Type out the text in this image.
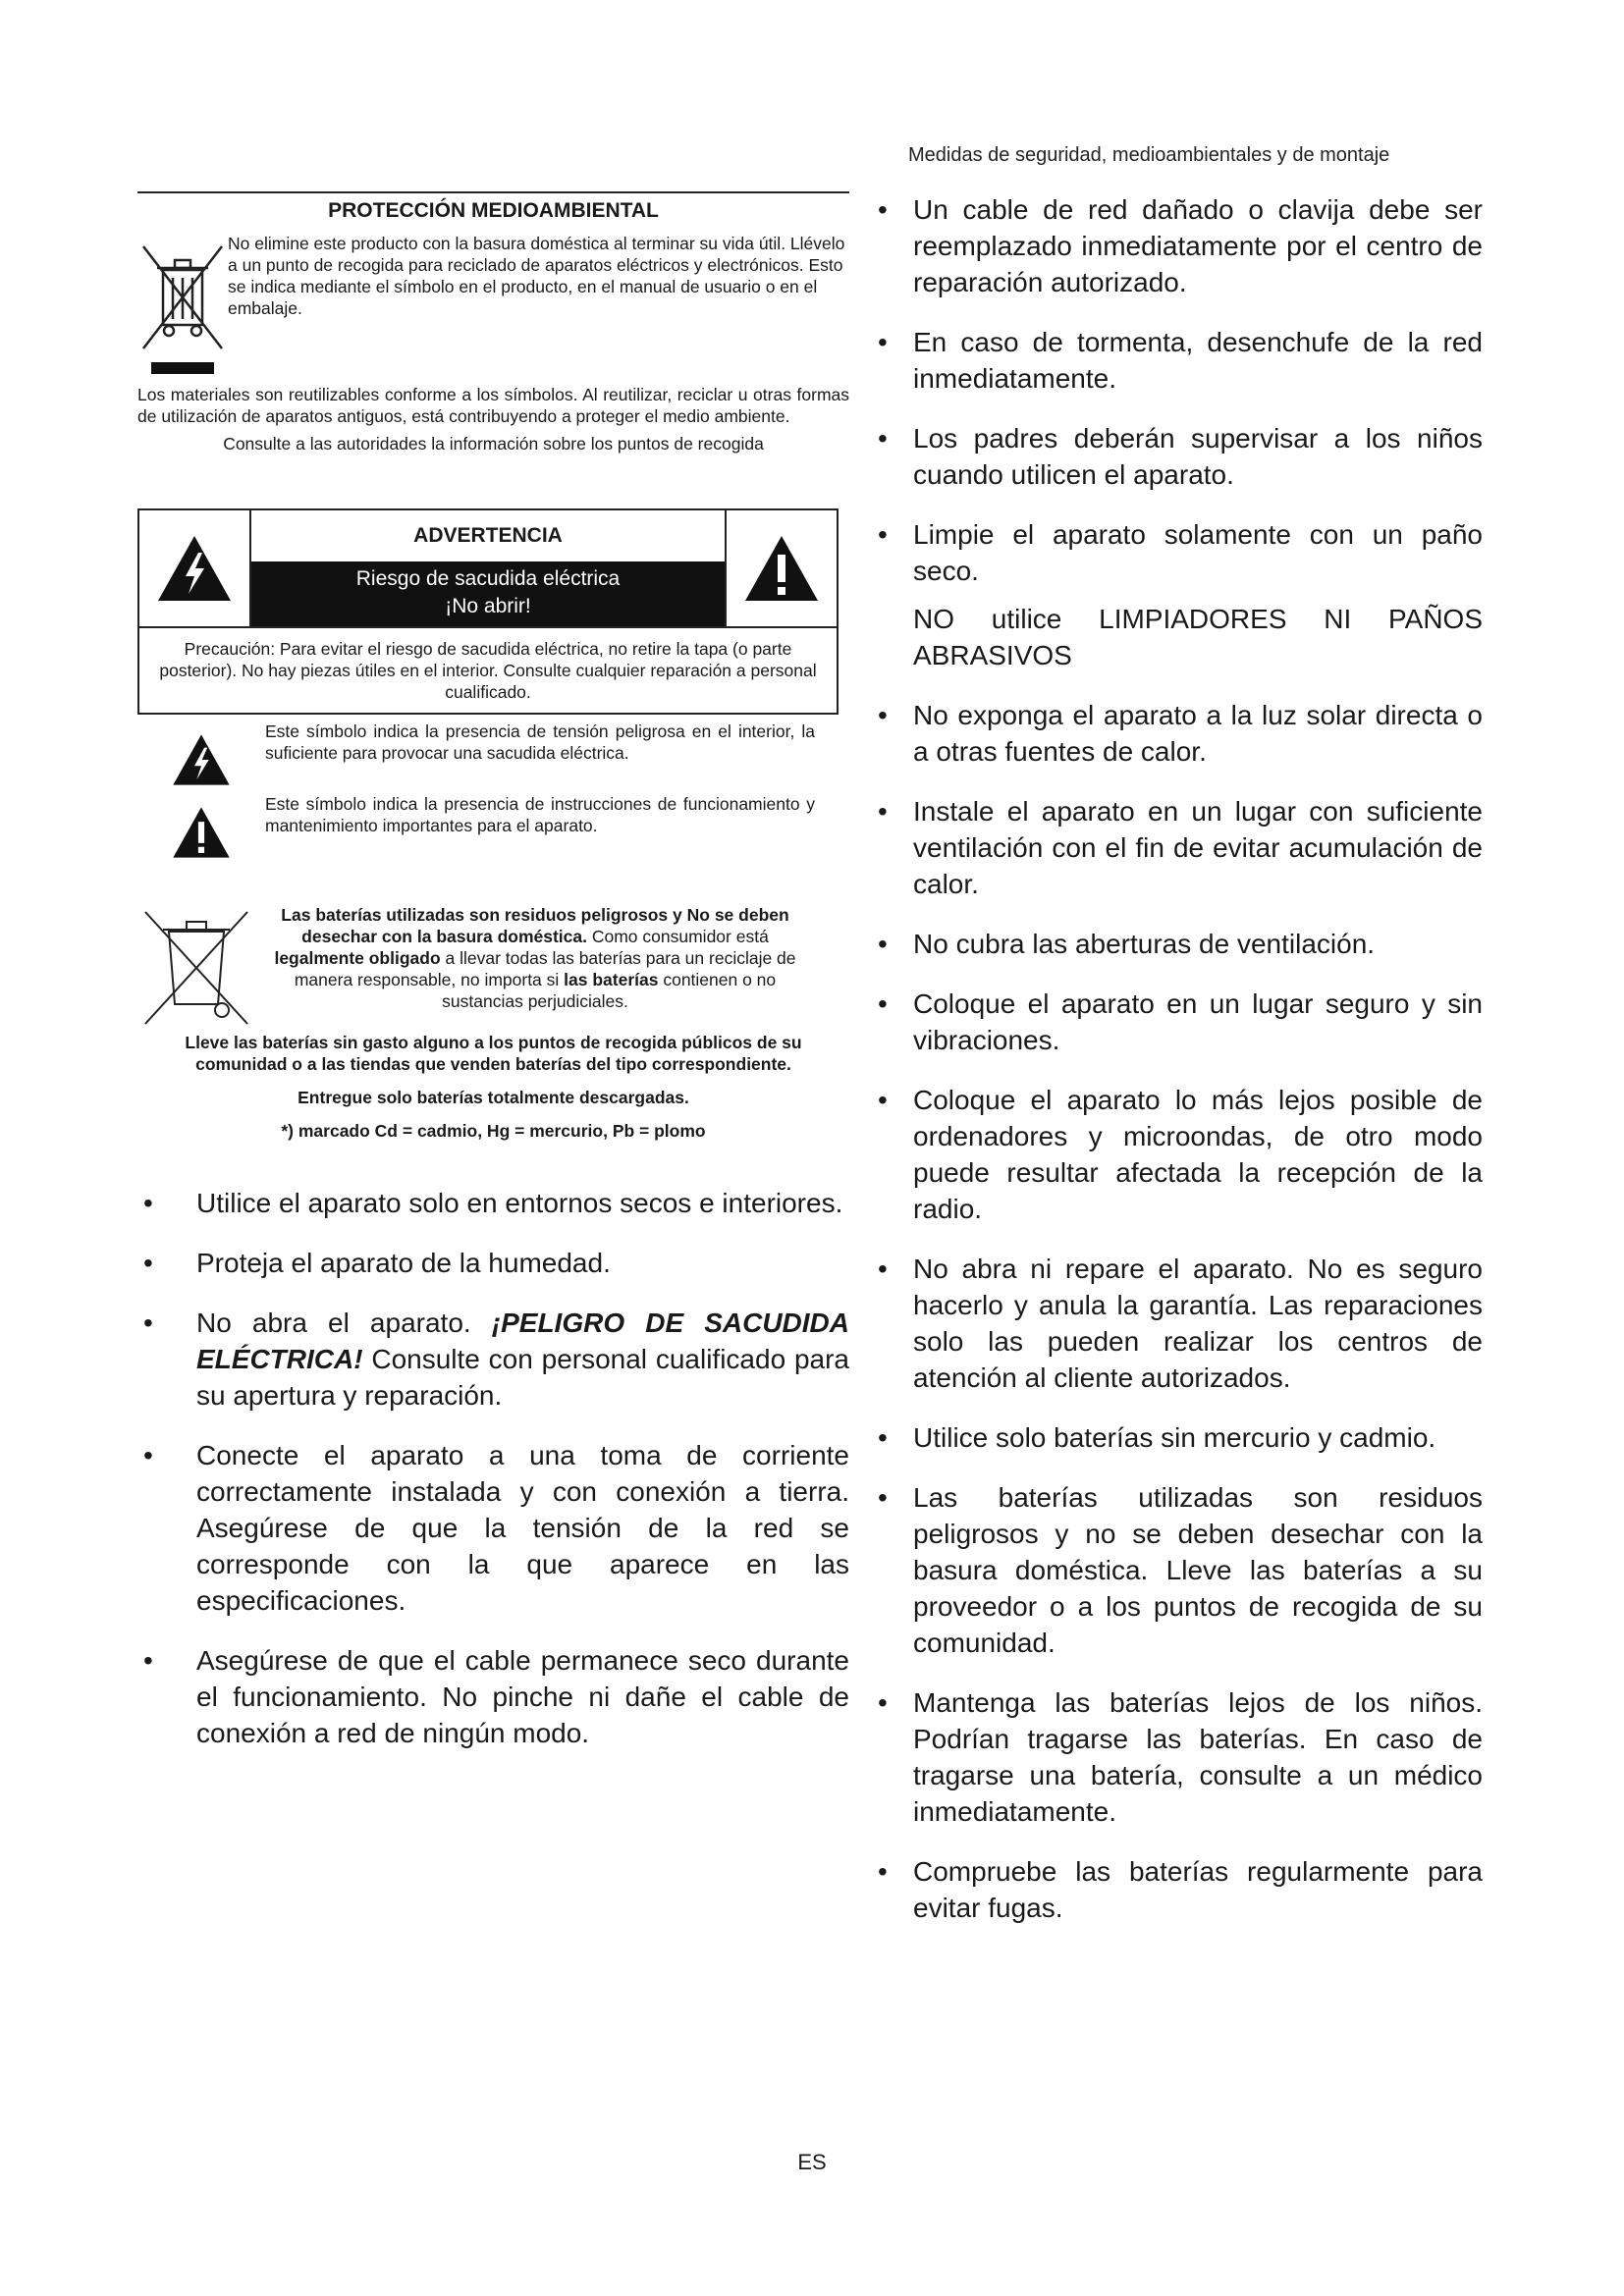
Medidas de seguridad, medioambientales y de montaje
PROTECCIÓN MEDIOAMBIENTAL
No elimine este producto con la basura doméstica al terminar su vida útil. Llévelo a un punto de recogida para reciclado de aparatos eléctricos y electrónicos. Esto se indica mediante el símbolo en el producto, en el manual de usuario o en el embalaje.
Los materiales son reutilizables conforme a los símbolos. Al reutilizar, reciclar u otras formas de utilización de aparatos antiguos, está contribuyendo a proteger el medio ambiente.
Consulte a las autoridades la información sobre los puntos de recogida
ADVERTENCIA
Riesgo de sacudida eléctrica
¡No abrir!
Precaución: Para evitar el riesgo de sacudida eléctrica, no retire la tapa (o parte posterior). No hay piezas útiles en el interior. Consulte cualquier reparación a personal cualificado.
Este símbolo indica la presencia de tensión peligrosa en el interior, la suficiente para provocar una sacudida eléctrica.
Este símbolo indica la presencia de instrucciones de funcionamiento y mantenimiento importantes para el aparato.
Las baterías utilizadas son residuos peligrosos y No se deben desechar con la basura doméstica. Como consumidor está legalmente obligado a llevar todas las baterías para un reciclaje de manera responsable, no importa si las baterías contienen o no sustancias perjudiciales.
Lleve las baterías sin gasto alguno a los puntos de recogida públicos de su comunidad o a las tiendas que venden baterías del tipo correspondiente.
Entregue solo baterías totalmente descargadas.
*) marcado Cd = cadmio, Hg = mercurio, Pb = plomo
• Utilice el aparato solo en entornos secos e interiores.
• Proteja el aparato de la humedad.
• No abra el aparato. ¡PELIGRO DE SACUDIDA ELÉCTRICA! Consulte con personal cualificado para su apertura y reparación.
• Conecte el aparato a una toma de corriente correctamente instalada y con conexión a tierra. Asegúrese de que la tensión de la red se corresponde con la que aparece en las especificaciones.
• Asegúrese de que el cable permanece seco durante el funcionamiento. No pinche ni dañe el cable de conexión a red de ningún modo.
• Un cable de red dañado o clavija debe ser reemplazado inmediatamente por el centro de reparación autorizado.
• En caso de tormenta, desenchufe de la red inmediatamente.
• Los padres deberán supervisar a los niños cuando utilicen el aparato.
• Limpie el aparato solamente con un paño seco.
NO utilice LIMPIADORES NI PAÑOS ABRASIVOS
• No exponga el aparato a la luz solar directa o a otras fuentes de calor.
• Instale el aparato en un lugar con suficiente ventilación con el fin de evitar acumulación de calor.
• No cubra las aberturas de ventilación.
• Coloque el aparato en un lugar seguro y sin vibraciones.
• Coloque el aparato lo más lejos posible de ordenadores y microondas, de otro modo puede resultar afectada la recepción de la radio.
• No abra ni repare el aparato. No es seguro hacerlo y anula la garantía. Las reparaciones solo las pueden realizar los centros de atención al cliente autorizados.
• Utilice solo baterías sin mercurio y cadmio.
• Las baterías utilizadas son residuos peligrosos y no se deben desechar con la basura doméstica. Lleve las baterías a su proveedor o a los puntos de recogida de su comunidad.
• Mantenga las baterías lejos de los niños. Podrían tragarse las baterías. En caso de tragarse una batería, consulte a un médico inmediatamente.
• Compruebe las baterías regularmente para evitar fugas.
ES
